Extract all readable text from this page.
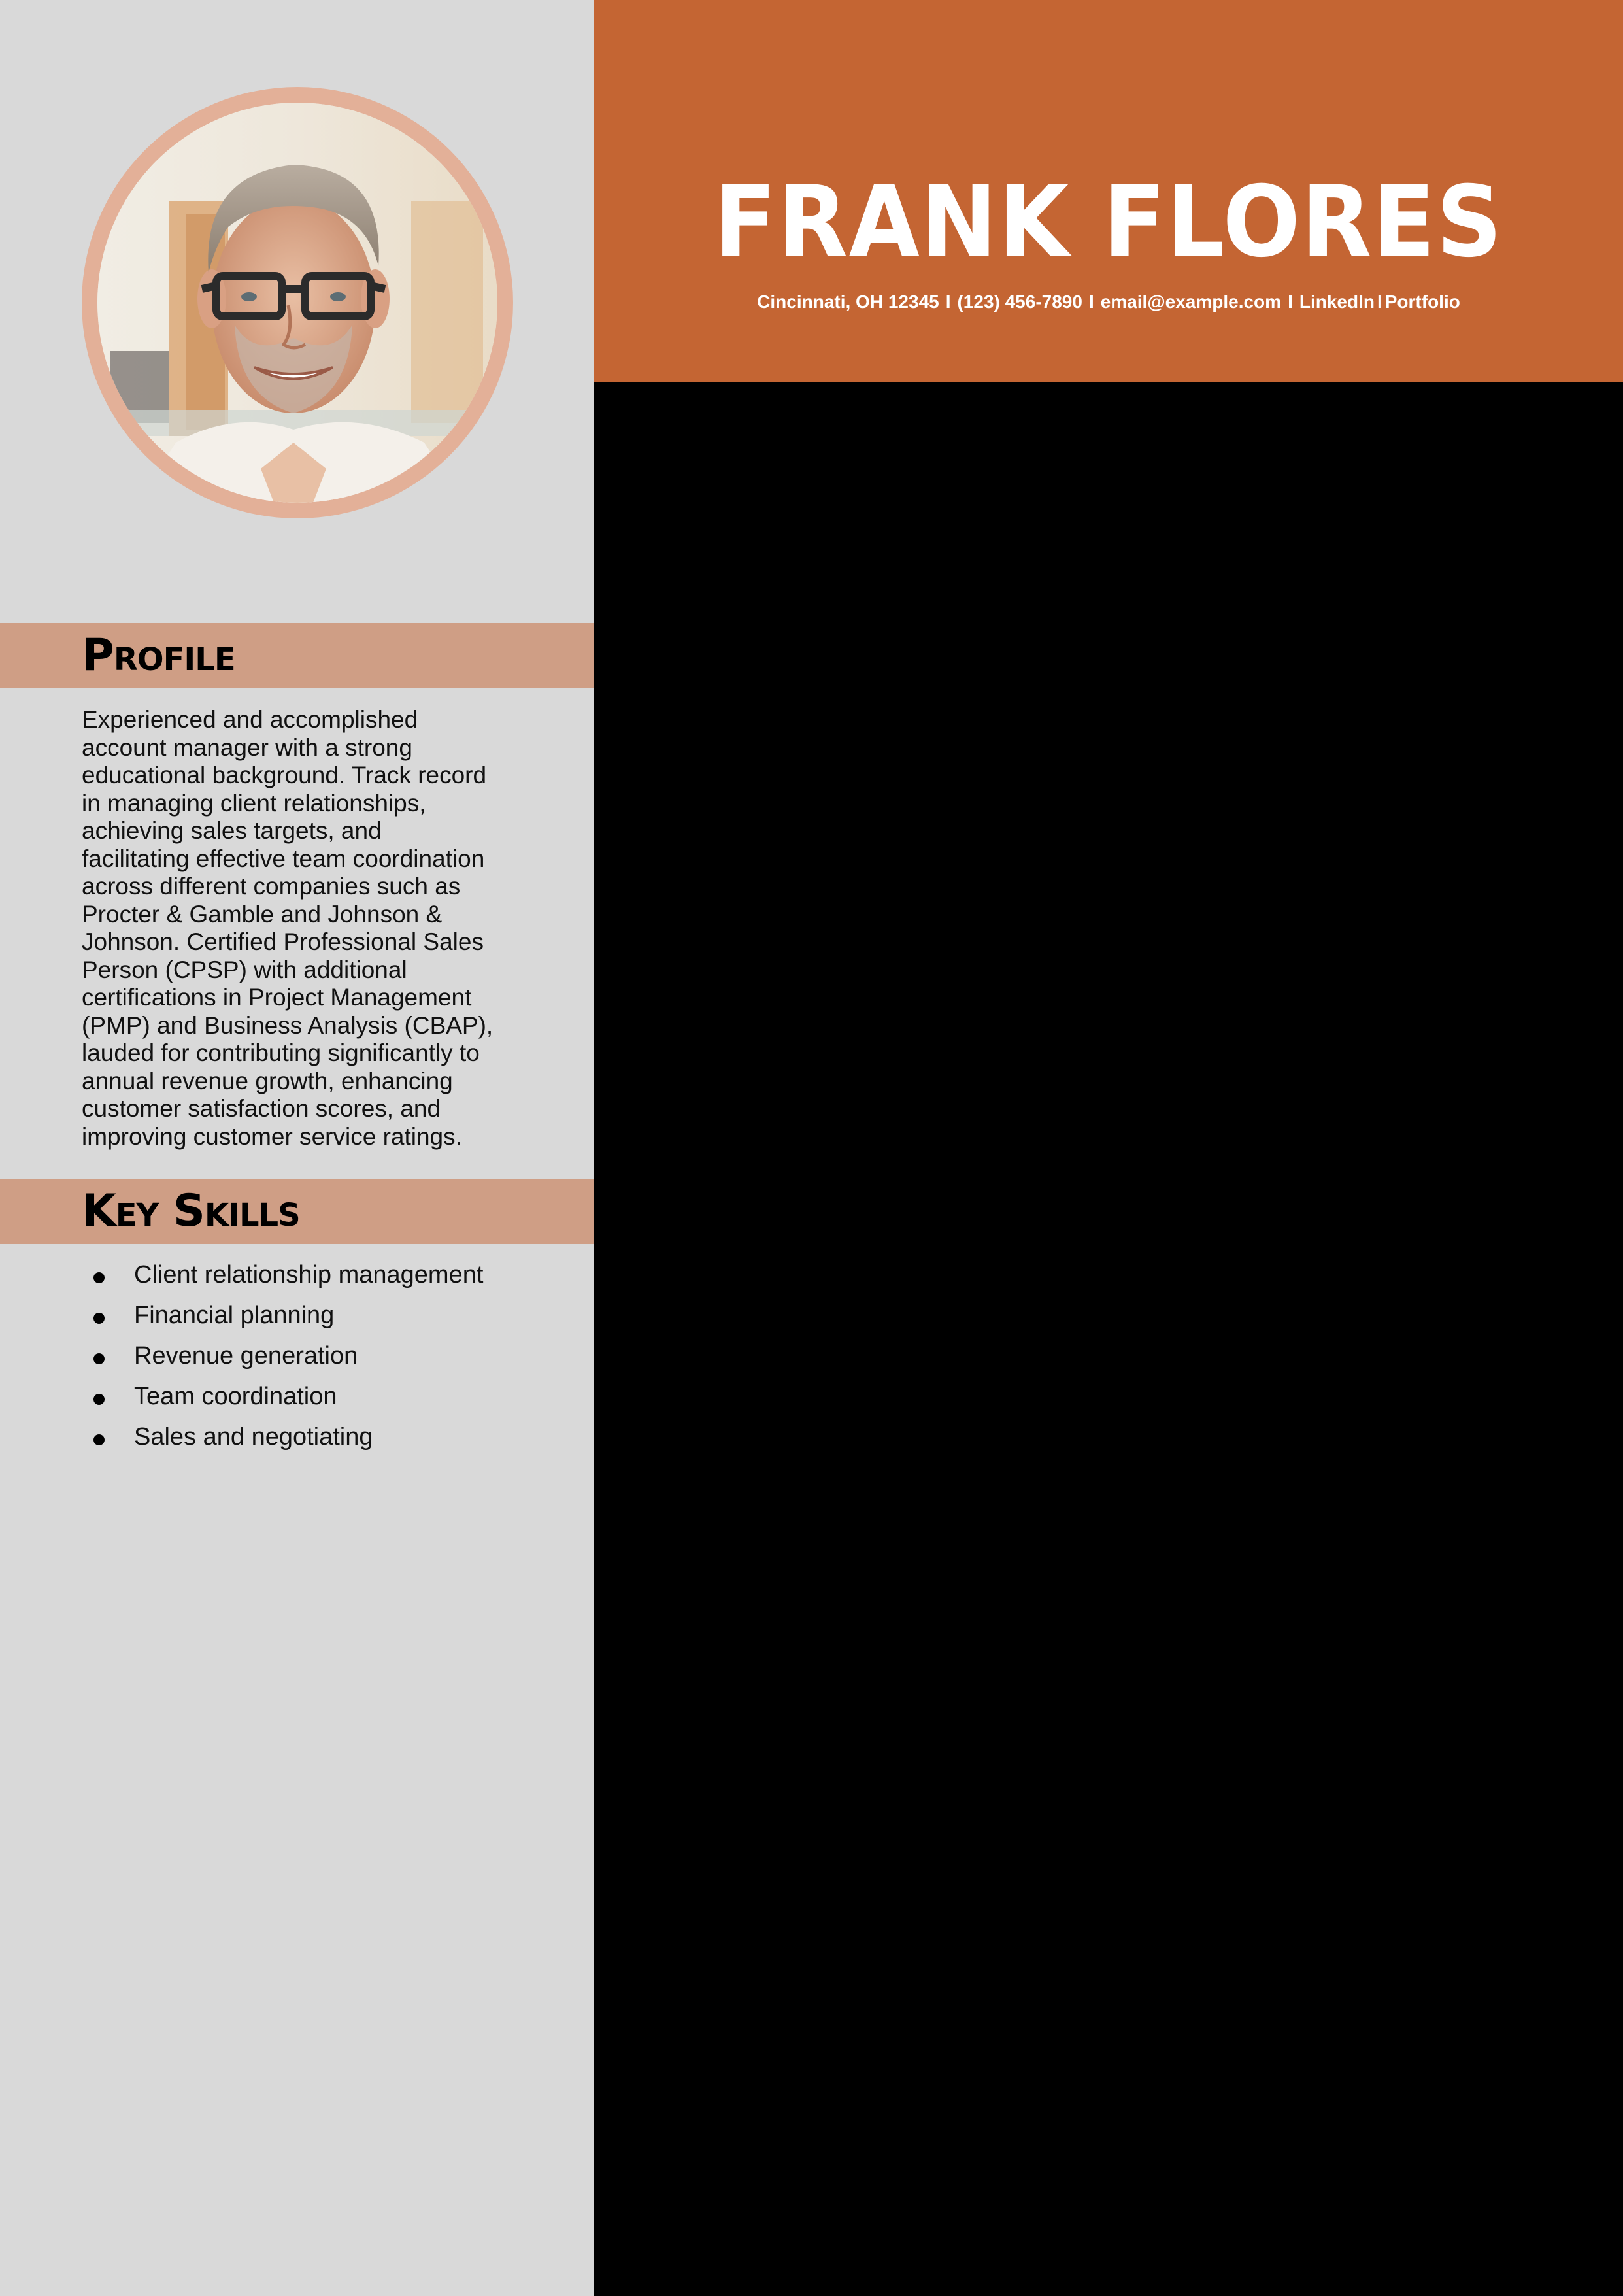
Profile

Experienced and accomplished
account manager with a strong
educational background. Track record
in managing client relationships,
achieving sales targets, and
facilitating effective team coordination
across different companies such as
Procter & Gamble and Johnson &
Johnson. Certified Professional Sales
Person (CPSP) with additional
certifications in Project Management
(PMP) and Business Analysis (CBAP),
lauded for contributing significantly to
annual revenue growth, enhancing
customer satisfaction scores, and
improving customer service ratings.

Key Skills
Client relationship management
Financial planning
Revenue generation
Team coordination
Sales and negotiating
FRANK FLORES
Cincinnati, OH 12345 I (123) 456-7890 I email@example.com I LinkedIn I Portfolio
